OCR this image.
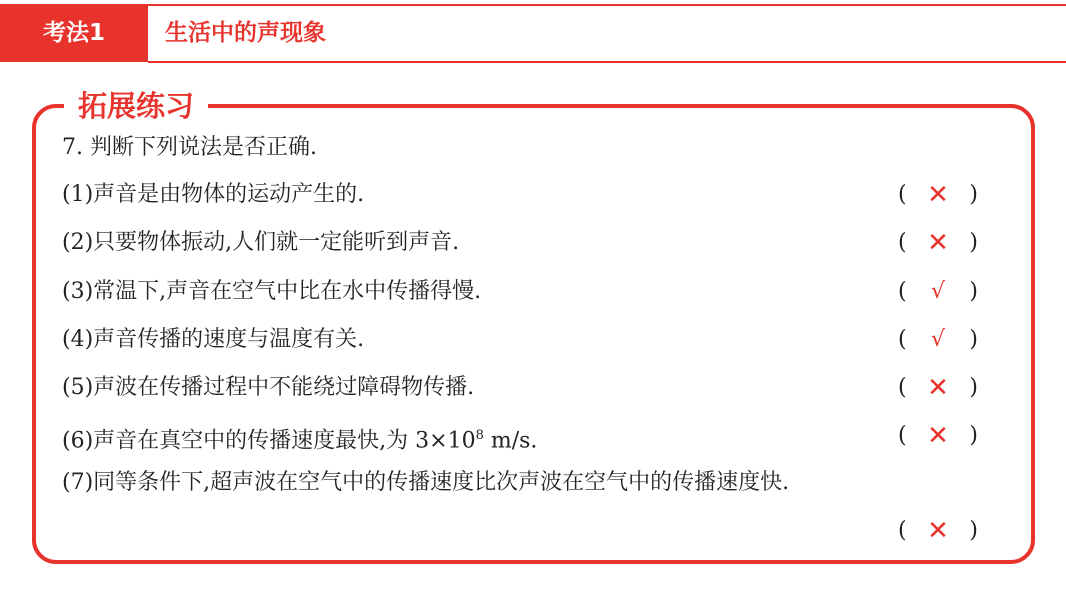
考法1	生活中的声现象
拓展练习
7. 判断下列说法是否正确.
(1)声音是由物体的运动产生的.	( ✕ )
(2)只要物体振动,人们就一定能听到声音.	( ✕ )
(3)常温下,声音在空气中比在水中传播得慢.	(	√	)
(4)声音传播的速度与温度有关.	(	√	)
(5)声波在传播过程中不能绕过障碍物传播.	( ✕ )
(6)声音在真空中的传播速度最快,为 $3\times 10^8$ m/s.	( ✕ )
(7)同等条件下,超声波在空气中的传播速度比次声波在空气中的传播速度快.
( ✕ )
